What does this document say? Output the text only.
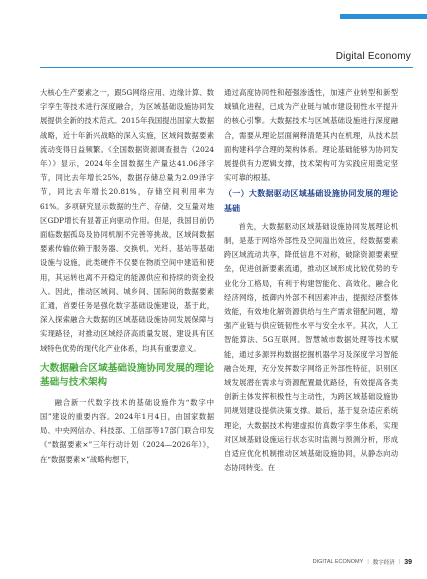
Digital Economy

大核心生产要素之一，跟5G网络应用、边缘计算、数字孪生等技术进行深度融合，为区域基础设施协同发展提供全新的技术范式。2015年我国提出国家大数据战略，近十年新兴战略的深入实施，区域间数据要素流动变得日益频繁。《全国数据资源调查报告（2024年）》显示，2024年全国数据生产量达41.06泽字节，同比去年增长25%，数据存储总量为2.09泽字节，同比去年增长20.81%，存储空间利用率为61%。多项研究显示数据的生产、存储、交互量对地区GDP增长有显著正向驱动作用。但是，我国目前仍面临数据孤岛及协同机制不完善等挑战，区域间数据要素传输依赖于服务器、交换机、光纤、基站等基础设施与设施，此类硬件不仅要在物质空间中建造和使用，其运转也离不开稳定的能源供应和持续的资金投入。因此，推动区域间、城乡间、国际间的数据要素汇通，首要任务是强化数字基础设施建设，基于此，深入探索融合大数据的区域基础设施协同发展保障与实现路径，对推动区域经济高质量发展、建设具有区域特色优势的现代化产业体系，均具有重要意义。

大数据融合区域基础设施协同发展的理论基础与技术架构

融合新一代数字技术的基础设施作为“数字中国”建设的重要内容。2024年1月4日，由国家数据局、中央网信办、科技部、工信部等17部门联合印发《“数据要素×”三年行动计划（2024—2026年）》，在“数据要素×”战略构想下，

通过高度协同性和超强渗透性，加速产业转型和新型城镇化进程，已成为产业链与城市建设韧性水平提升的核心引擎。大数据技术与区域基础设施进行深度融合，需要从理论层面阐释清楚其内在机理，从技术层面构建科学合理的架构体系。理论基础能够为协同发展提供有力逻辑支撑，技术架构可为实践应用奠定坚实可靠的根基。

（一）大数据驱动区域基础设施协同发展的理论基础

首先，大数据驱动区域基础设施协同发展理论机制，是基于网络外部性及空间溢出效应，经数据要素跨区域流动共享，降低信息不对称，破除资源要素壁垒，促进创新要素流通，推动区域形成比较优势的专业化分工格局，有利于构建智能化、高效化、融合化经济网络，抵御内外部不利因素冲击，提振经济整体效能，有效地化解资源供给与生产需求错配问题，增强产业链与供应链韧性水平与安全水平。其次，人工智能算法、5G互联网、智慧城市数据处理等技术赋能，通过多源异构数据挖掘机器学习及深度学习智能融合处理，充分发挥数字网络正外部性特征，识别区域发展潜在需求与资源配置最优路径，有效提高各类创新主体发挥积极性与主动性，为跨区域基础设施协同规划建设提供决策支撑。最后，基于复杂适应系统理论，大数据技术构建虚拟仿真数字孪生体系，实现对区域基础设施运行状态实时监测与预测分析，形成自适应优化机制推动区域基础设施协同，从静态向动态协同转变。在

DIGITAL ECONOMY | 数字经济 | 39
